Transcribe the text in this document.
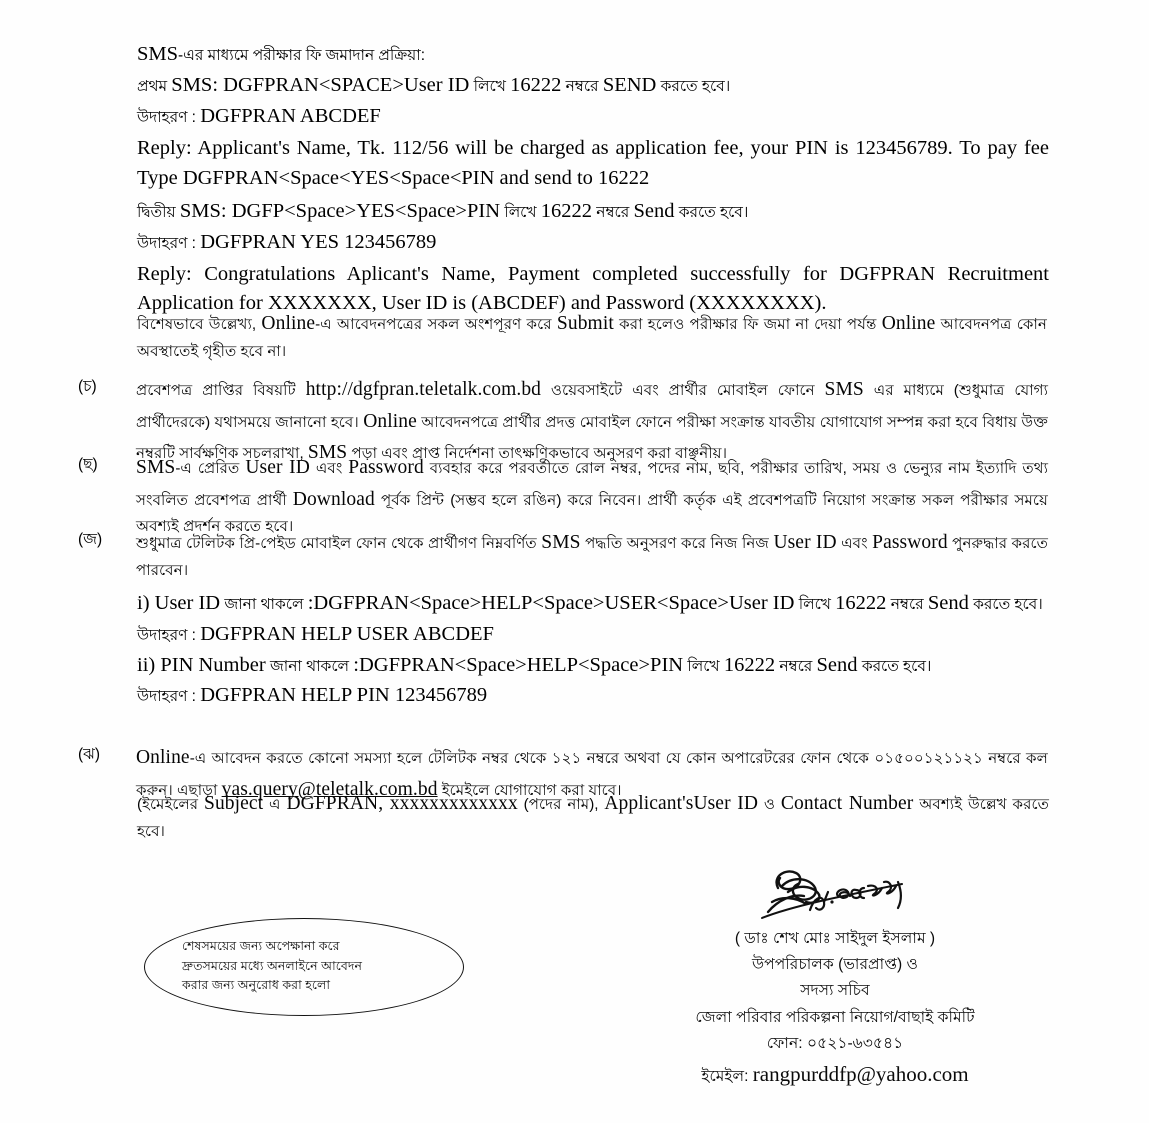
SMS-এর মাধ্যমে পরীক্ষার ফি জমাদান প্রক্রিয়া:
প্রথম SMS: DGFPRAN<SPACE>User ID লিখে 16222 নম্বরে SEND করতে হবে।
উদাহরণ : DGFPRAN ABCDEF
Reply: Applicant's Name, Tk. 112/56 will be charged as application fee, your PIN is 123456789. To pay fee Type DGFPRAN<Space<YES<Space<PIN and send to 16222
দ্বিতীয় SMS: DGFP<Space>YES<Space>PIN লিখে 16222 নম্বরে Send করতে হবে।
উদাহরণ : DGFPRAN YES 123456789
Reply: Congratulations Aplicant's Name, Payment completed successfully for DGFPRAN Recruitment Application for XXXXXXX, User ID is (ABCDEF) and Password (XXXXXXXX).
বিশেষভাবে উল্লেখ্য, Online-এ আবেদনপত্রের সকল অংশপূরণ করে Submit করা হলেও পরীক্ষার ফি জমা না দেয়া পর্যন্ত Online আবেদনপত্র কোন অবস্থাতেই গৃহীত হবে না।
(চ)	প্রবেশপত্র প্রাপ্তির বিষয়টি http://dgfpran.teletalk.com.bd ওয়েবসাইটে এবং প্রার্থীর মোবাইল ফোনে SMS এর মাধ্যমে (শুধুমাত্র যোগ্য প্রার্থীদেরকে) যথাসময়ে জানানো হবে। Online আবেদনপত্রে প্রার্থীর প্রদত্ত মোবাইল ফোনে পরীক্ষা সংক্রান্ত যাবতীয় যোগাযোগ সম্পন্ন করা হবে বিধায় উক্ত নম্বরটি সার্বক্ষণিক সচলরাখা, SMS পড়া এবং প্রাপ্ত নির্দেশনা তাৎক্ষণিকভাবে অনুসরণ করা বাঞ্ছনীয়।
(ছ)	SMS-এ প্রেরিত User ID এবং Password ব্যবহার করে পরবর্তীতে রোল নম্বর, পদের নাম, ছবি, পরীক্ষার তারিখ, সময় ও ভেন্যুর নাম ইত্যাদি তথ্য সংবলিত প্রবেশপত্র প্রার্থী Download পূর্বক প্রিন্ট (সম্ভব হলে রঙিন) করে নিবেন। প্রার্থী কর্তৃক এই প্রবেশপত্রটি নিয়োগ সংক্রান্ত সকল পরীক্ষার সময়ে অবশ্যই প্রদর্শন করতে হবে।
(জ)	শুধুমাত্র টেলিটক প্রি-পেইড মোবাইল ফোন থেকে প্রার্থীগণ নিম্নবর্ণিত SMS পদ্ধতি অনুসরণ করে নিজ নিজ User ID এবং Password পুনরুদ্ধার করতে পারবেন।
i) User ID জানা থাকলে :DGFPRAN<Space>HELP<Space>USER<Space>User ID লিখে 16222 নম্বরে Send করতে হবে।
উদাহরণ : DGFPRAN HELP USER ABCDEF
ii) PIN Number জানা থাকলে :DGFPRAN<Space>HELP<Space>PIN লিখে 16222 নম্বরে Send করতে হবে।
উদাহরণ : DGFPRAN HELP PIN 123456789
(ঝ)	Online-এ আবেদন করতে কোনো সমস্যা হলে টেলিটক নম্বর থেকে ১২১ নম্বরে অথবা যে কোন অপারেটরের ফোন থেকে ০১৫০০১২১১২১ নম্বরে কল করুন। এছাড়া vas.query@teletalk.com.bd ইমেইলে যোগাযোগ করা যাবে।
(ইমেইলের Subject এ DGFPRAN, xxxxxxxxxxxxx (পদের নাম), Applicant'sUser ID ও Contact Number অবশ্যই উল্লেখ করতে হবে।
শেষসময়ের জন্য অপেক্ষানা করে
দ্রুতসময়ের মধ্যে অনলাইনে আবেদন
করার জন্য অনুরোধ করা হলো
( ডাঃ শেখ মোঃ সাইদুল ইসলাম )
উপপরিচালক (ভারপ্রাপ্ত) ও
সদস্য সচিব
জেলা পরিবার পরিকল্পনা নিয়োগ/বাছাই কমিটি
ফোন: ০৫২১-৬৩৫৪১
ইমেইল: rangpurddfp@yahoo.com
